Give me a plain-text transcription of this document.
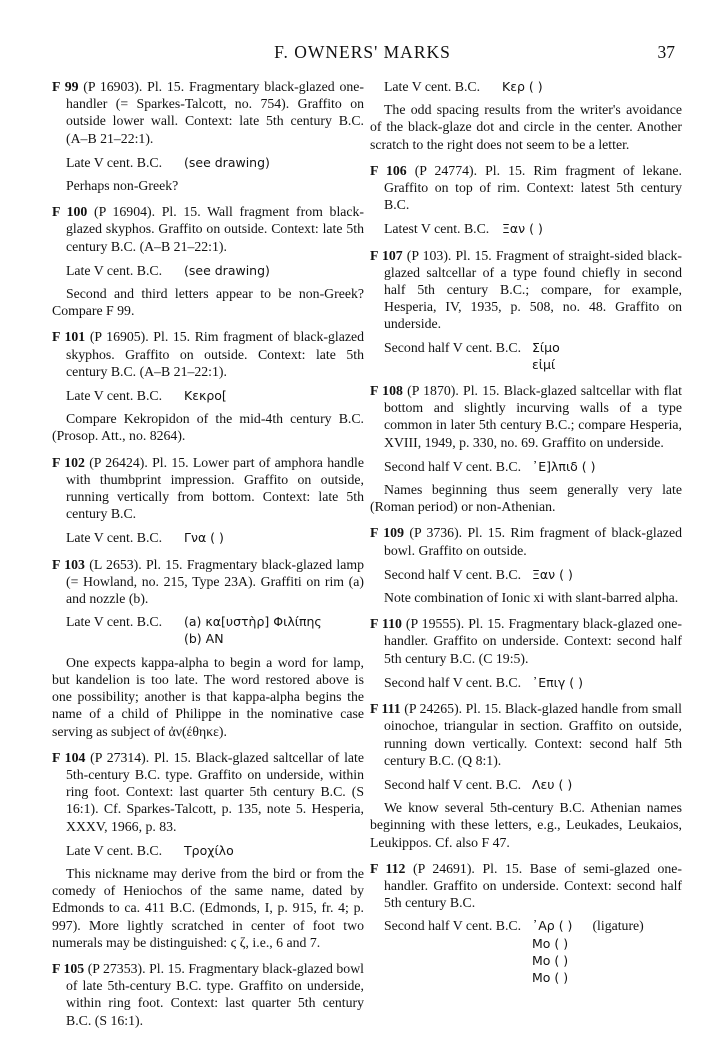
F. OWNERS' MARKS	37

F 99 (P 16903). Pl. 15. Fragmentary black-glazed one-handler (= Sparkes-Talcott, no. 754). Graffito on outside lower wall. Context: late 5th century B.C. (A–B 21–22:1).

Late V cent. B.C.	(see drawing)

Perhaps non-Greek?

F 100 (P 16904). Pl. 15. Wall fragment from black-glazed skyphos. Graffito on outside. Context: late 5th century B.C. (A–B 21–22:1).

Late V cent. B.C.	(see drawing)

Second and third letters appear to be non-Greek? Compare F 99.

F 101 (P 16905). Pl. 15. Rim fragment of black-glazed skyphos. Graffito on outside. Context: late 5th century B.C. (A–B 21–22:1).

Late V cent. B.C.	Κεκρο[

Compare Kekropidon of the mid-4th century B.C. (Prosop. Att., no. 8264).

F 102 (P 26424). Pl. 15. Lower part of amphora handle with thumbprint impression. Graffito on outside, running vertically from bottom. Context: late 5th century B.C.

Late V cent. B.C.	Γνα ( )

F 103 (L 2653). Pl. 15. Fragmentary black-glazed lamp (= Howland, no. 215, Type 23A). Graffiti on rim (a) and nozzle (b).

Late V cent. B.C.	(a) κα[υστὴρ] Φιλίπης
(b) ΑΝ

One expects kappa-alpha to begin a word for lamp, but kandelion is too late. The word restored above is one possibility; another is that kappa-alpha begins the name of a child of Philippe in the nominative case serving as subject of ἀν(έθηκε).

F 104 (P 27314). Pl. 15. Black-glazed saltcellar of late 5th-century B.C. type. Graffito on underside, within ring foot. Context: last quarter 5th century B.C. (S 16:1). Cf. Sparkes-Talcott, p. 135, note 5. Hesperia, XXXV, 1966, p. 83.

Late V cent. B.C.	Τροχίλο

This nickname may derive from the bird or from the comedy of Heniochos of the same name, dated by Edmonds to ca. 411 B.C. (Edmonds, I, p. 915, fr. 4; p. 997). More lightly scratched in center of foot two numerals may be distinguished: ϛ ζ, i.e., 6 and 7.

F 105 (P 27353). Pl. 15. Fragmentary black-glazed bowl of late 5th-century B.C. type. Graffito on underside, within ring foot. Context: last quarter 5th century B.C. (S 16:1).

Late V cent. B.C.	Κερ ( )

The odd spacing results from the writer's avoidance of the black-glaze dot and circle in the center. Another scratch to the right does not seem to be a letter.

F 106 (P 24774). Pl. 15. Rim fragment of lekane. Graffito on top of rim. Context: latest 5th century B.C.

Latest V cent. B.C.	Ξαν ( )

F 107 (P 103). Pl. 15. Fragment of straight-sided black-glazed saltcellar of a type found chiefly in second half 5th century B.C.; compare, for example, Hesperia, IV, 1935, p. 508, no. 48. Graffito on underside.

Second half V cent. B.C. Σίμο
εἰμί

F 108 (P 1870). Pl. 15. Black-glazed saltcellar with flat bottom and slightly incurving walls of a type common in later 5th century B.C.; compare Hesperia, XVIII, 1949, p. 330, no. 69. Graffito on underside.

Second half V cent. B.C. ᾿Ε]λπιδ ( )

Names beginning thus seem generally very late (Roman period) or non-Athenian.

F 109 (P 3736). Pl. 15. Rim fragment of black-glazed bowl. Graffito on outside.

Second half V cent. B.C. Ξαν ( )

Note combination of Ionic xi with slant-barred alpha.

F 110 (P 19555). Pl. 15. Fragmentary black-glazed one-handler. Graffito on underside. Context: second half 5th century B.C. (C 19:5).

Second half V cent. B.C. ᾿Επιγ ( )

F 111 (P 24265). Pl. 15. Black-glazed handle from small oinochoe, triangular in section. Graffito on outside, running down vertically. Context: second half 5th century B.C. (Q 8:1).

Second half V cent. B.C. Λευ ( )

We know several 5th-century B.C. Athenian names beginning with these letters, e.g., Leukades, Leukaios, Leukippos. Cf. also F 47.

F 112 (P 24691). Pl. 15. Base of semi-glazed one-handler. Graffito on underside. Context: second half 5th century B.C.

Second half V cent. B.C. ᾿Αρ ( ) (ligature)
Μο ( )
Μο ( )
Μο ( )
